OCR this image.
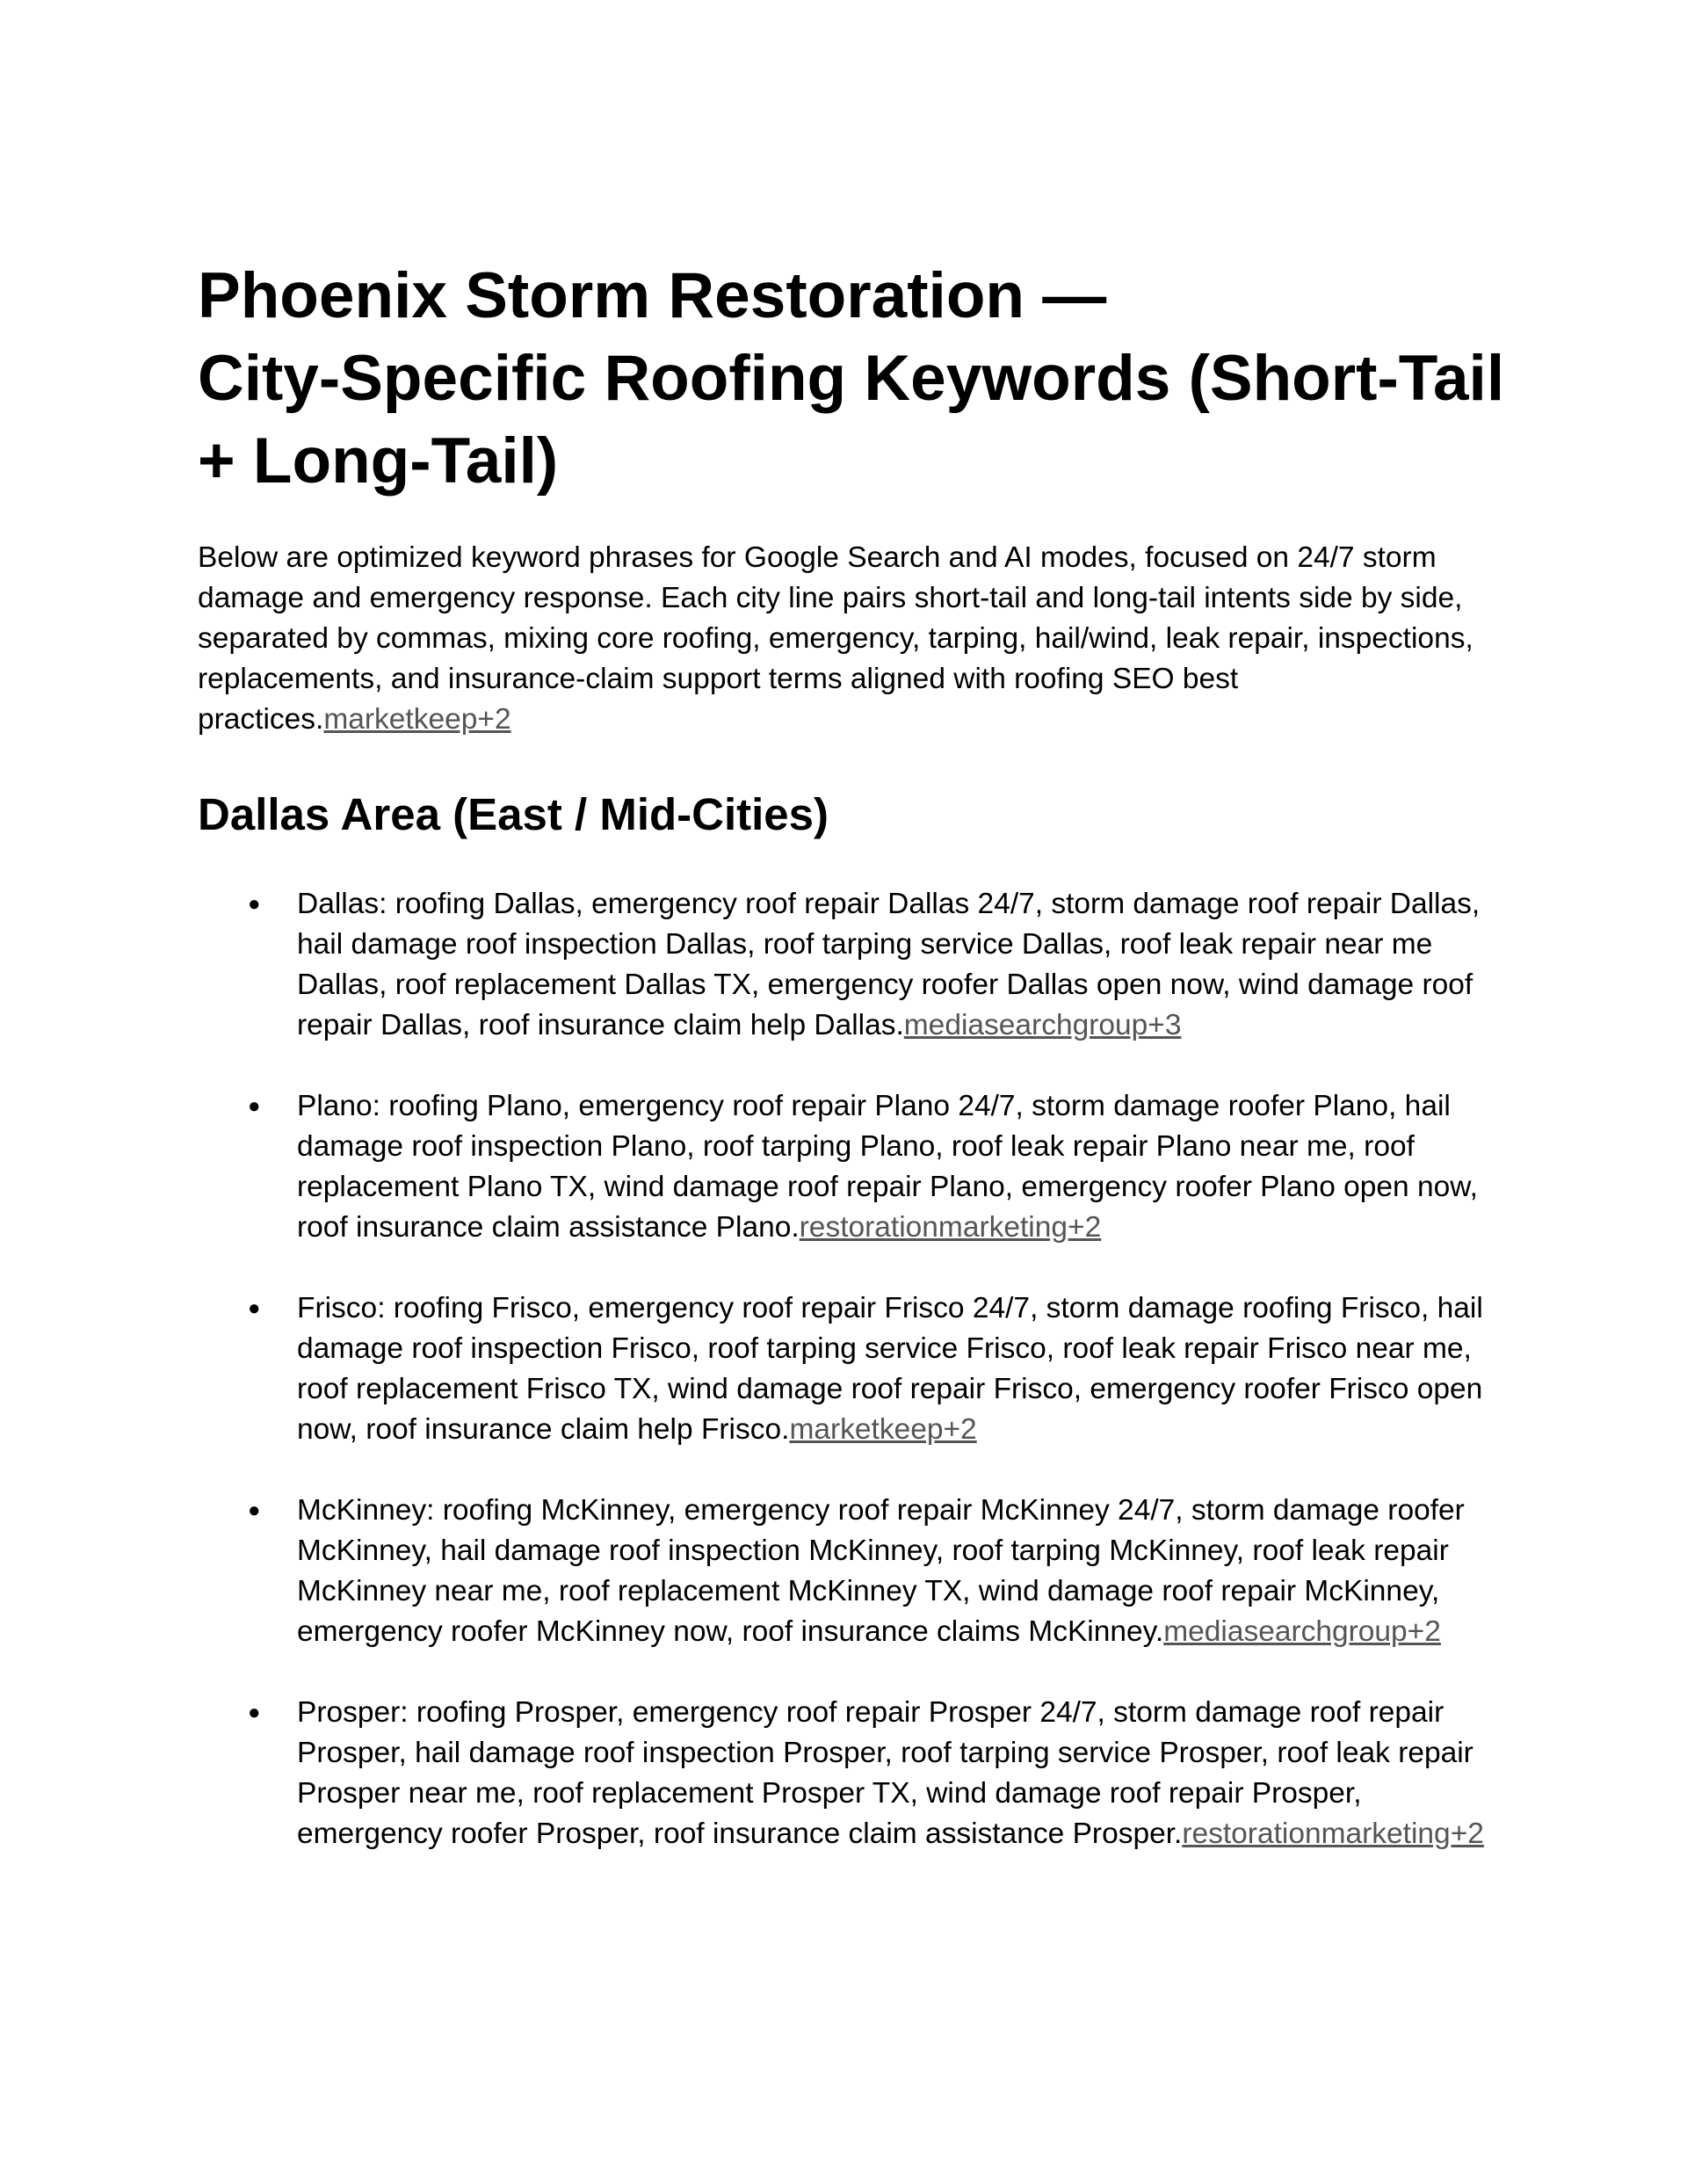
Phoenix Storm Restoration —
City-Specific Roofing Keywords (Short‑Tail
+ Long‑Tail)

Below are optimized keyword phrases for Google Search and AI modes, focused on 24/7 storm damage and emergency response. Each city line pairs short-tail and long-tail intents side by side, separated by commas, mixing core roofing, emergency, tarping, hail/wind, leak repair, inspections, replacements, and insurance-claim support terms aligned with roofing SEO best practices.marketkeep+2

Dallas Area (East / Mid-Cities)
● Dallas: roofing Dallas, emergency roof repair Dallas 24/7, storm damage roof repair Dallas, hail damage roof inspection Dallas, roof tarping service Dallas, roof leak repair near me Dallas, roof replacement Dallas TX, emergency roofer Dallas open now, wind damage roof repair Dallas, roof insurance claim help Dallas.mediasearchgroup+3
● Plano: roofing Plano, emergency roof repair Plano 24/7, storm damage roofer Plano, hail damage roof inspection Plano, roof tarping Plano, roof leak repair Plano near me, roof replacement Plano TX, wind damage roof repair Plano, emergency roofer Plano open now, roof insurance claim assistance Plano.restorationmarketing+2
● Frisco: roofing Frisco, emergency roof repair Frisco 24/7, storm damage roofing Frisco, hail damage roof inspection Frisco, roof tarping service Frisco, roof leak repair Frisco near me, roof replacement Frisco TX, wind damage roof repair Frisco, emergency roofer Frisco open now, roof insurance claim help Frisco.marketkeep+2
● McKinney: roofing McKinney, emergency roof repair McKinney 24/7, storm damage roofer McKinney, hail damage roof inspection McKinney, roof tarping McKinney, roof leak repair McKinney near me, roof replacement McKinney TX, wind damage roof repair McKinney, emergency roofer McKinney now, roof insurance claims McKinney.mediasearchgroup+2
● Prosper: roofing Prosper, emergency roof repair Prosper 24/7, storm damage roof repair Prosper, hail damage roof inspection Prosper, roof tarping service Prosper, roof leak repair Prosper near me, roof replacement Prosper TX, wind damage roof repair Prosper, emergency roofer Prosper, roof insurance claim assistance Prosper.restorationmarketing+2
